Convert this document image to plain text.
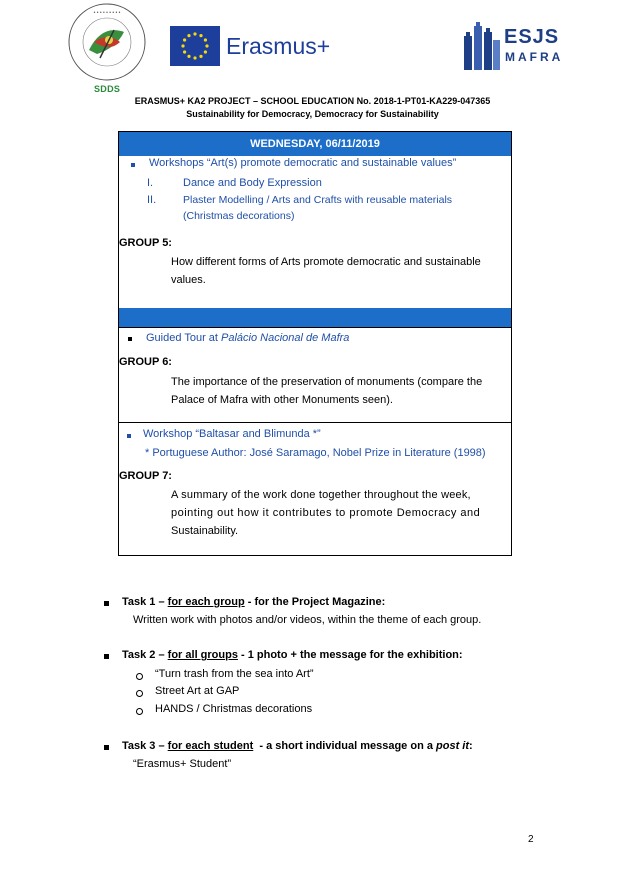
• • • • • • • • •
SDDS
Erasmus+	ESJS
MAFRA
ERASMUS+ KA2 PROJECT – SCHOOL EDUCATION No. 2018-1-PT01-KA229-047365
Sustainability for Democracy, Democracy for Sustainability
WEDNESDAY, 06/11/2019
Workshops “Art(s) promote democratic and sustainable values”
I.	Dance and Body Expression
II.	Plaster Modelling / Arts and Crafts with reusable materials
(Christmas decorations)
GROUP 5:
How different forms of Arts promote democratic and sustainable
values.
Guided Tour at Palácio Nacional de Mafra
GROUP 6:
The importance of the preservation of monuments (compare the
Palace of Mafra with other Monuments seen).
Workshop “Baltasar and Blimunda *”
* Portuguese Author: José Saramago, Nobel Prize in Literature (1998)
GROUP 7:
A summary of the work done together throughout the week,
pointing out how it contributes to promote Democracy and
Sustainability.
Task 1 – for each group - for the Project Magazine:
Written work with photos and/or videos, within the theme of each group.
Task 2 – for all groups - 1 photo + the message for the exhibition:
“Turn trash from the sea into Art”
Street Art at GAP
HANDS / Christmas decorations
Task 3 – for each student  - a short individual message on a post it:
“Erasmus+ Student”
2
